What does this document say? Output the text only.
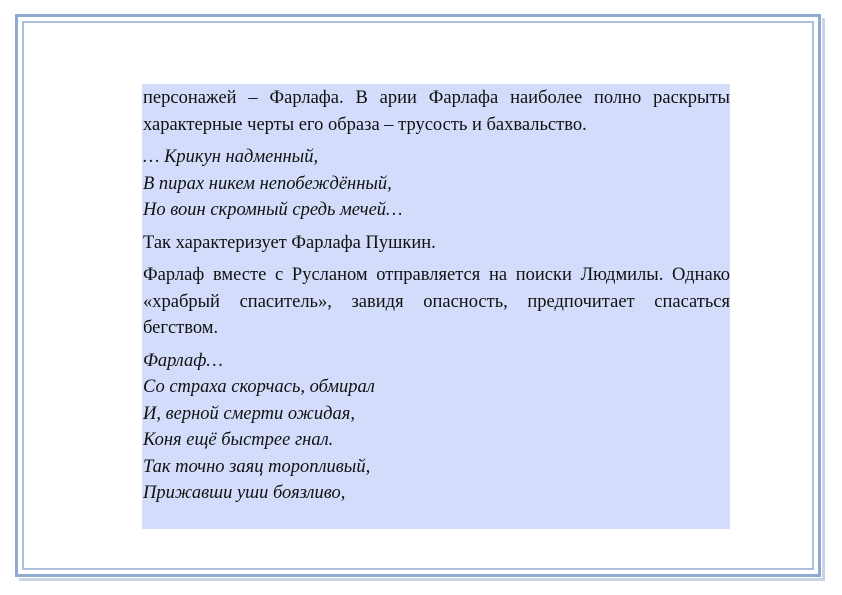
персонажей – Фарлафа. В арии Фарлафа наиболее полно раскрыты характерные черты его образа – трусость и бахвальство.

… Крикун надменный,
В пирах никем непобеждённый,
Но воин скромный средь мечей…

Так характеризует Фарлафа Пушкин.

Фарлаф вместе с Русланом отправляется на поиски Людмилы. Однако «храбрый спаситель», завидя опасность, предпочитает спасаться бегством.

Фарлаф…
Со страха скорчась, обмирал
И, верной смерти ожидая,
Коня ещё быстрее гнал.
Так точно заяц торопливый,
Прижавши уши боязливо,
